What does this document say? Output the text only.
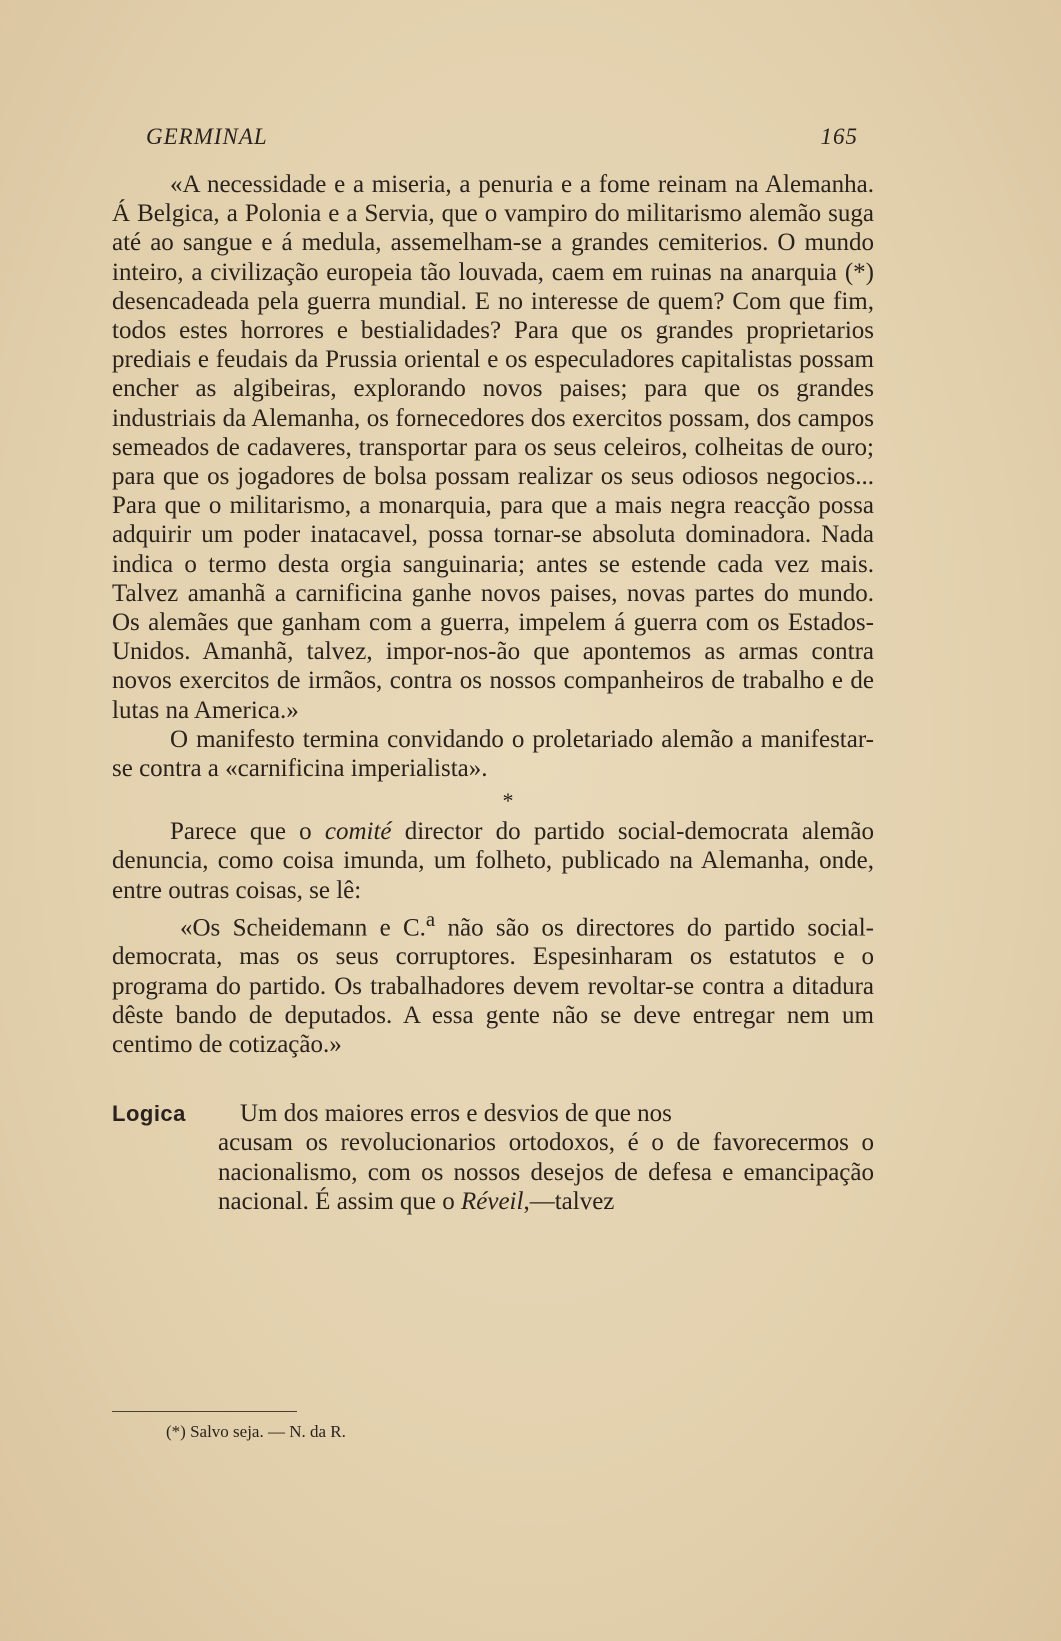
GERMINAL	165

«A necessidade e a miseria, a penuria e a fome reinam na Alemanha. Á Belgica, a Polonia e a Servia, que o vampiro do militarismo alemão suga até ao sangue e á medula, assemelham-se a grandes cemiterios. O mundo inteiro, a civilização europeia tão louvada, caem em ruinas na anarquia (*) desencadeada pela guerra mundial. E no interesse de quem? Com que fim, todos estes horrores e bestialidades? Para que os grandes proprietarios prediais e feudais da Prussia oriental e os especuladores capitalistas possam encher as algibeiras, explorando novos paises; para que os grandes industriais da Alemanha, os fornecedores dos exercitos possam, dos campos semeados de cadaveres, transportar para os seus celeiros, colheitas de ouro; para que os jogadores de bolsa possam realizar os seus odiosos negocios... Para que o militarismo, a monarquia, para que a mais negra reacção possa adquirir um poder inatacavel, possa tornar-se absoluta dominadora. Nada indica o termo desta orgia sanguinaria; antes se estende cada vez mais. Talvez amanhã a carnificina ganhe novos paises, novas partes do mundo. Os alemães que ganham com a guerra, impelem á guerra com os Estados-Unidos. Amanhã, talvez, impor-nos-ão que apontemos as armas contra novos exercitos de irmãos, contra os nossos companheiros de trabalho e de lutas na America.»

O manifesto termina convidando o proletariado alemão a manifestar-se contra a «carnificina imperialista».

*

Parece que o comité director do partido social-democrata alemão denuncia, como coisa imunda, um folheto, publicado na Alemanha, onde, entre outras coisas, se lê:

«Os Scheidemann e C.$^a$ não são os directores do partido social-democrata, mas os seus corruptores. Espesinharam os estatutos e o programa do partido. Os trabalhadores devem revoltar-se contra a ditadura dêste bando de deputados. A essa gente não se deve entregar nem um centimo de cotização.»

Logica Um dos maiores erros e desvios de que nos
acusam os revolucionarios ortodoxos, é o de favorecermos o nacionalismo, com os nossos desejos de defesa e emancipação nacional. É assim que o Réveil,—talvez

(*) Salvo seja. — N. da R.
